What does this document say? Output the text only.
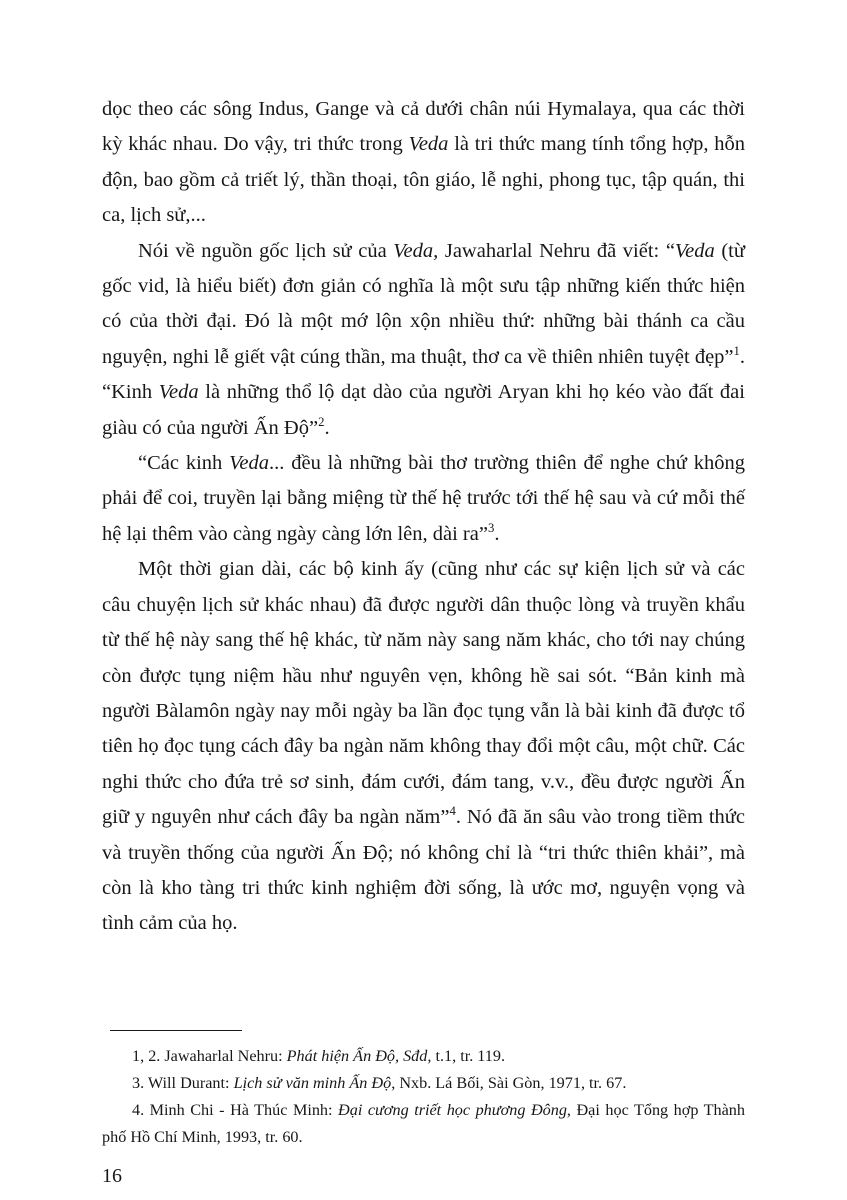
dọc theo các sông Indus, Gange và cả dưới chân núi Hymalaya, qua các thời kỳ khác nhau. Do vậy, tri thức trong Veda là tri thức mang tính tổng hợp, hỗn độn, bao gồm cả triết lý, thần thoại, tôn giáo, lễ nghi, phong tục, tập quán, thi ca, lịch sử,...

Nói về nguồn gốc lịch sử của Veda, Jawaharlal Nehru đã viết: “Veda (từ gốc vid, là hiểu biết) đơn giản có nghĩa là một sưu tập những kiến thức hiện có của thời đại. Đó là một mớ lộn xộn nhiều thứ: những bài thánh ca cầu nguyện, nghi lễ giết vật cúng thần, ma thuật, thơ ca về thiên nhiên tuyệt đẹp”$^1$. “Kinh Veda là những thổ lộ dạt dào của người Aryan khi họ kéo vào đất đai giàu có của người Ấn Độ”$^2$.

“Các kinh Veda... đều là những bài thơ trường thiên để nghe chứ không phải để coi, truyền lại bằng miệng từ thế hệ trước tới thế hệ sau và cứ mỗi thế hệ lại thêm vào càng ngày càng lớn lên, dài ra”$^3$.

Một thời gian dài, các bộ kinh ấy (cũng như các sự kiện lịch sử và các câu chuyện lịch sử khác nhau) đã được người dân thuộc lòng và truyền khẩu từ thế hệ này sang thế hệ khác, từ năm này sang năm khác, cho tới nay chúng còn được tụng niệm hầu như nguyên vẹn, không hề sai sót. “Bản kinh mà người Bàlamôn ngày nay mỗi ngày ba lần đọc tụng vẫn là bài kinh đã được tổ tiên họ đọc tụng cách đây ba ngàn năm không thay đổi một câu, một chữ. Các nghi thức cho đứa trẻ sơ sinh, đám cưới, đám tang, v.v., đều được người Ấn giữ y nguyên như cách đây ba ngàn năm”$^4$. Nó đã ăn sâu vào trong tiềm thức và truyền thống của người Ấn Độ; nó không chỉ là “tri thức thiên khải”, mà còn là kho tàng tri thức kinh nghiệm đời sống, là ước mơ, nguyện vọng và tình cảm của họ.

1, 2. Jawaharlal Nehru: Phát hiện Ấn Độ, Sđd, t.1, tr. 119.

3. Will Durant: Lịch sử văn minh Ấn Độ, Nxb. Lá Bối, Sài Gòn, 1971, tr. 67.

4. Minh Chi - Hà Thúc Minh: Đại cương triết học phương Đông, Đại học Tổng hợp Thành phố Hồ Chí Minh, 1993, tr. 60.

16
